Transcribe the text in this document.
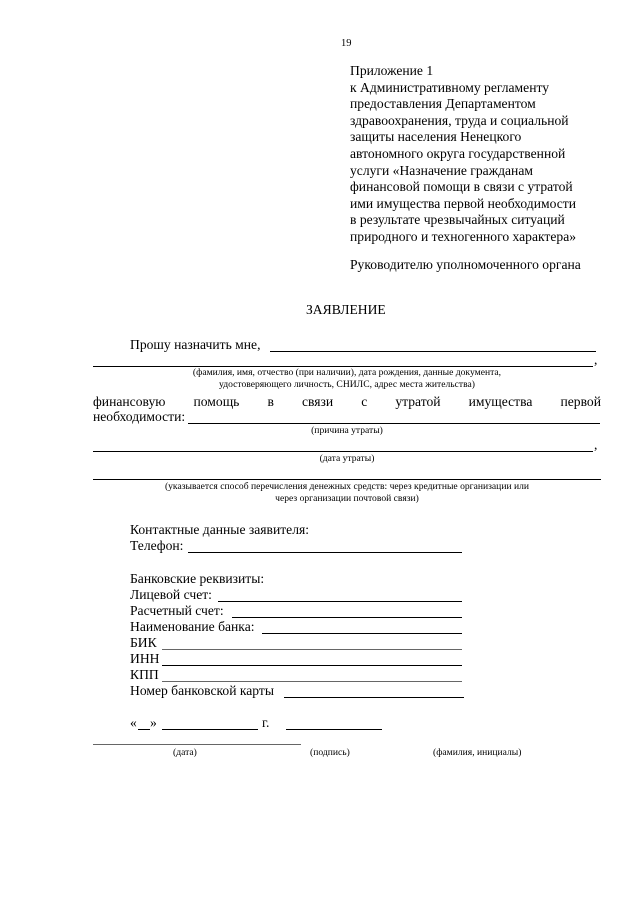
19
Приложение 1
к Административному регламенту
предоставления Департаментом
здравоохранения, труда и социальной
защиты населения Ненецкого
автономного округа государственной
услуги «Назначение гражданам
финансовой помощи в связи с утратой
ими имущества первой необходимости
в результате чрезвычайных ситуаций
природного и техногенного характера»
Руководителю уполномоченного органа
ЗАЯВЛЕНИЕ
Прошу назначить мне,
,
(фамилия, имя, отчество (при наличии), дата рождения, данные документа,
удостоверяющего личность, СНИЛС, адрес места жительства)
финансовую помощь в связи с утратой имущества первой
необходимости:
(причина утраты)
,
(дата утраты)
(указывается способ перечисления денежных средств: через кредитные организации или
через организации почтовой связи)
Контактные данные заявителя:
Телефон:
Банковские реквизиты:
Лицевой счет:
Расчетный счет:
Наименование банка:
БИК
ИНН
КПП
Номер банковской карты
« »	г.
(дата)	(подпись)	(фамилия, инициалы)
